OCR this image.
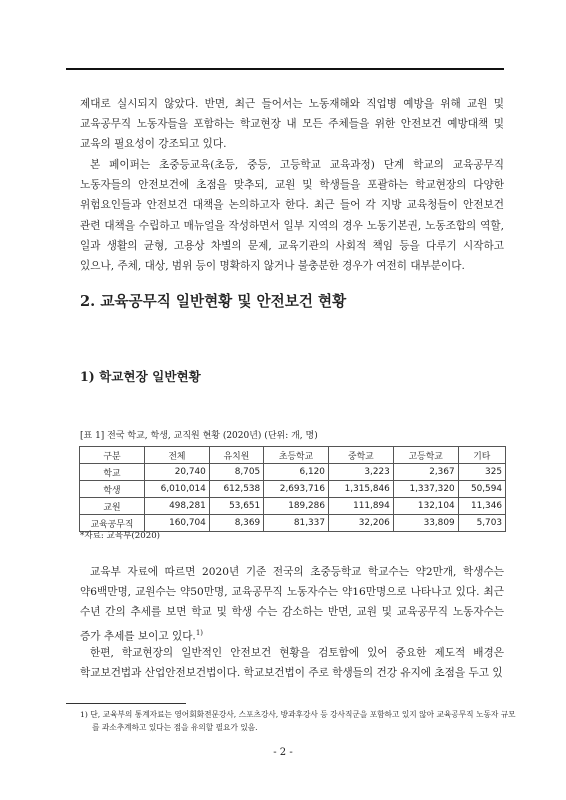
제대로 실시되지 않았다. 반면, 최근 들어서는 노동재해와 직업병 예방을 위해 교원 및 교육공무직 노동자들을 포함하는 학교현장 내 모든 주체들을 위한 안전보건 예방대책 및 교육의 필요성이 강조되고 있다.

본 페이퍼는 초중등교육(초등, 중등, 고등학교 교육과정) 단계 학교의 교육공무직 노동자들의 안전보건에 초점을 맞추되, 교원 및 학생들을 포괄하는 학교현장의 다양한 위험요인들과 안전보건 대책을 논의하고자 한다. 최근 들어 각 지방 교육청들이 안전보건 관련 대책을 수립하고 매뉴얼을 작성하면서 일부 지역의 경우 노동기본권, 노동조합의 역할, 일과 생활의 균형, 고용상 차별의 문제, 교육기관의 사회적 책임 등을 다루기 시작하고 있으나, 주체, 대상, 범위 등이 명확하지 않거나 불충분한 경우가 여전히 대부분이다.

2. 교육공무직 일반현황 및 안전보건 현황
1) 학교현장 일반현황

[표 1] 전국 학교, 학생, 교직원 현황 (2020년) (단위: 개, 명)

구분	전체	유치원	초등학교	중학교	고등학교	기타
학교	20,740	8,705	6,120	3,223	2,367	325
학생	6,010,014	612,538	2,693,716	1,315,846	1,337,320	50,594
교원	498,281	53,651	189,286	111,894	132,104	11,346
교육공무직	160,704	8,369	81,337	32,206	33,809	5,703

*자료: 교육부(2020)

교육부 자료에 따르면 2020년 기준 전국의 초중등학교 학교수는 약2만개, 학생수는 약6백만명, 교원수는 약50만명, 교육공무직 노동자수는 약16만명으로 나타나고 있다. 최근 수년 간의 추세를 보면 학교 및 학생 수는 감소하는 반면, 교원 및 교육공무직 노동자수는 증가 추세를 보이고 있다.$^{1)}$

한편, 학교현장의 일반적인 안전보건 현황을 검토함에 있어 중요한 제도적 배경은 학교보건법과 산업안전보건법이다. 학교보건법이 주로 학생들의 건강 유지에 초점을 두고 있

1) 단, 교육부의 통계자료는 영어회화전문강사, 스포츠강사, 방과후강사 등 강사직군을 포함하고 있지 않아 교육공무직 노동자 규모를 과소추계하고 있다는 점을 유의할 필요가 있음.

- 2 -
